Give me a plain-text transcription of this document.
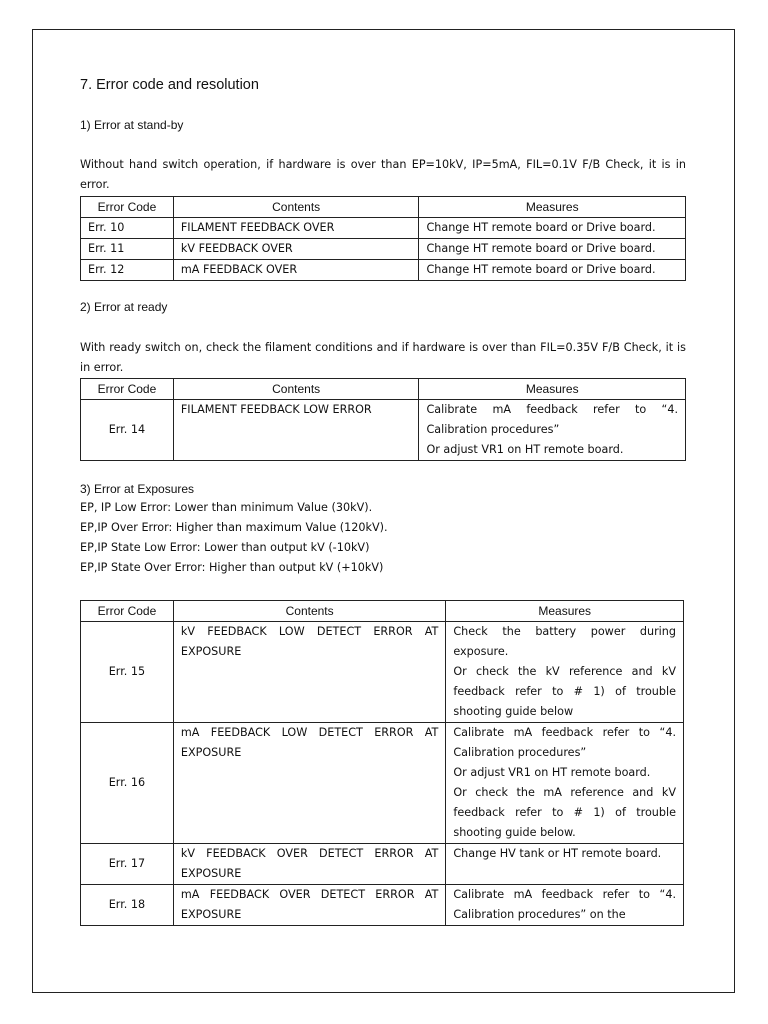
7. Error code and resolution
1) Error at stand-by
Without hand switch operation, if hardware is over than EP=10kV, IP=5mA, FIL=0.1V F/B Check, it is in error.
Error Code	Contents	Measures
Err. 10	FILAMENT FEEDBACK OVER	Change HT remote board or Drive board.
Err. 11	kV FEEDBACK OVER	Change HT remote board or Drive board.
Err. 12	mA FEEDBACK OVER	Change HT remote board or Drive board.
2) Error at ready
With ready switch on, check the filament conditions and if hardware is over than FIL=0.35V F/B Check, it is in error.
Error Code	Contents	Measures
Err. 14	FILAMENT FEEDBACK LOW ERROR	Calibrate mA feedback refer to “4. Calibration procedures”
Or adjust VR1 on HT remote board.
3) Error at Exposures
EP, IP Low Error: Lower than minimum Value (30kV).
EP,IP Over Error: Higher than maximum Value (120kV).
EP,IP State Low Error: Lower than output kV (-10kV)
EP,IP State Over Error: Higher than output kV (+10kV)
Error Code	Contents	Measures
Err. 15	kV FEEDBACK LOW DETECT ERROR AT EXPOSURE	Check the battery power during exposure.
Or check the kV reference and kV feedback refer to # 1) of trouble shooting guide below

Err. 16	mA FEEDBACK LOW DETECT ERROR AT EXPOSURE	Calibrate mA feedback refer to “4. Calibration procedures”
Or adjust VR1 on HT remote board.
Or check the mA reference and kV feedback refer to # 1) of trouble shooting guide below.

Err. 17	kV FEEDBACK OVER DETECT ERROR AT EXPOSURE	Change HV tank or HT remote board.

Err. 18	mA FEEDBACK OVER DETECT ERROR AT EXPOSURE	Calibrate mA feedback refer to “4. Calibration procedures” on the
